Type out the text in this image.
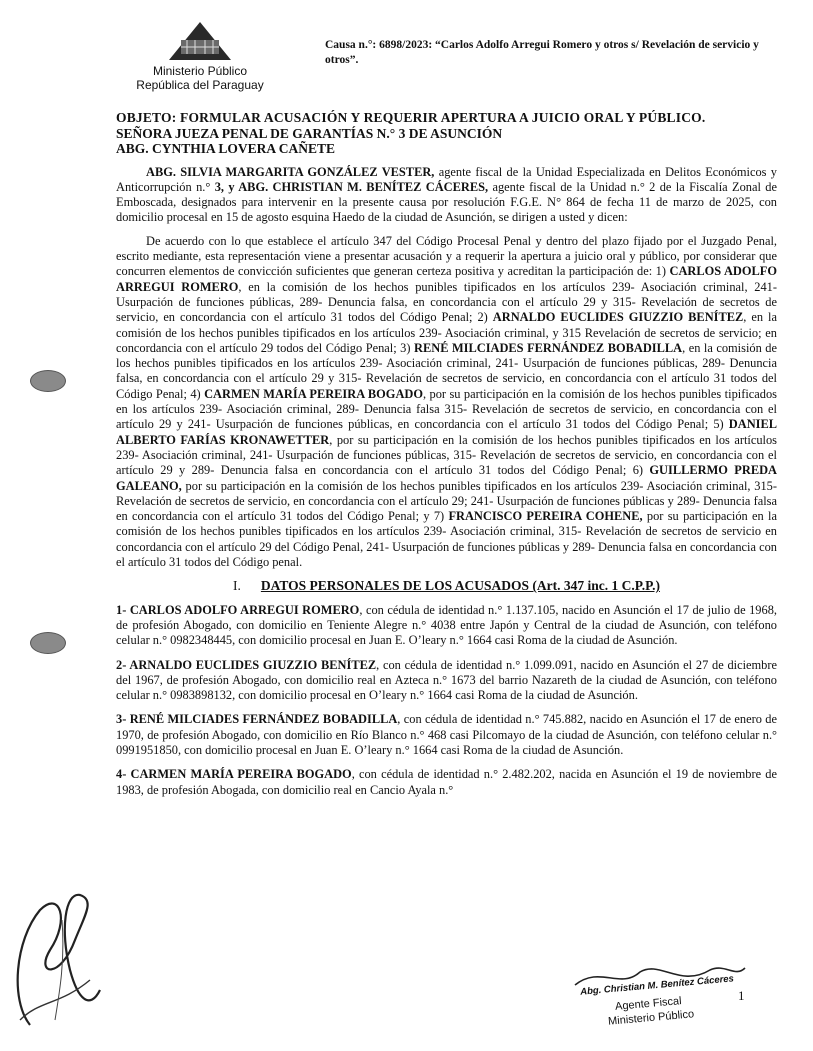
Ministerio Público
República del Paraguay
Causa n.°: 6898/2023: “Carlos Adolfo Arregui Romero y otros s/ Revelación de servicio y otros”.

OBJETO: FORMULAR ACUSACIÓN Y REQUERIR APERTURA A JUICIO ORAL Y PÚBLICO.

SEÑORA JUEZA PENAL DE GARANTÍAS N.° 3 DE ASUNCIÓN

ABG. CYNTHIA LOVERA CAÑETE

ABG. SILVIA MARGARITA GONZÁLEZ VESTER, agente fiscal de la Unidad Especializada en Delitos Económicos y Anticorrupción n.° 3, y ABG. CHRISTIAN M. BENÍTEZ CÁCERES, agente fiscal de la Unidad n.° 2 de la Fiscalía Zonal de Emboscada, designados para intervenir en la presente causa por resolución F.G.E. N° 864 de fecha 11 de marzo de 2025, con domicilio procesal en 15 de agosto esquina Haedo de la ciudad de Asunción, se dirigen a usted y dicen:

De acuerdo con lo que establece el artículo 347 del Código Procesal Penal y dentro del plazo fijado por el Juzgado Penal, escrito mediante, esta representación viene a presentar acusación y a requerir la apertura a juicio oral y público, por considerar que concurren elementos de convicción suficientes que generan certeza positiva y acreditan la participación de: 1) CARLOS ADOLFO ARREGUI ROMERO, en la comisión de los hechos punibles tipificados en los artículos 239- Asociación criminal, 241- Usurpación de funciones públicas, 289- Denuncia falsa, en concordancia con el artículo 29 y 315- Revelación de secretos de servicio, en concordancia con el artículo 31 todos del Código Penal; 2) ARNALDO EUCLIDES GIUZZIO BENÍTEZ, en la comisión de los hechos punibles tipificados en los artículos 239- Asociación criminal, y 315 Revelación de secretos de servicio; en concordancia con el artículo 29 todos del Código Penal; 3) RENÉ MILCIADES FERNÁNDEZ BOBADILLA, en la comisión de los hechos punibles tipificados en los artículos 239- Asociación criminal, 241- Usurpación de funciones públicas, 289- Denuncia falsa, en concordancia con el artículo 29 y 315- Revelación de secretos de servicio, en concordancia con el artículo 31 todos del Código Penal; 4) CARMEN MARÍA PEREIRA BOGADO, por su participación en la comisión de los hechos punibles tipificados en los artículos 239- Asociación criminal, 289- Denuncia falsa 315- Revelación de secretos de servicio, en concordancia con el artículo 29 y 241- Usurpación de funciones públicas, en concordancia con el artículo 31 todos del Código Penal; 5) DANIEL ALBERTO FARÍAS KRONAWETTER, por su participación en la comisión de los hechos punibles tipificados en los artículos 239- Asociación criminal, 241- Usurpación de funciones públicas, 315- Revelación de secretos de servicio, en concordancia con el artículo 29 y 289- Denuncia falsa en concordancia con el artículo 31 todos del Código Penal; 6) GUILLERMO PREDA GALEANO, por su participación en la comisión de los hechos punibles tipificados en los artículos 239- Asociación criminal, 315- Revelación de secretos de servicio, en concordancia con el artículo 29; 241- Usurpación de funciones públicas y 289- Denuncia falsa en concordancia con el artículo 31 todos del Código Penal; y 7) FRANCISCO PEREIRA COHENE, por su participación en la comisión de los hechos punibles tipificados en los artículos 239- Asociación criminal, 315- Revelación de secretos de servicio en concordancia con el artículo 29 del Código Penal, 241- Usurpación de funciones públicas y 289- Denuncia falsa en concordancia con el artículo 31 todos del Código penal.

I. DATOS PERSONALES DE LOS ACUSADOS (Art. 347 inc. 1 C.P.P.)

1- CARLOS ADOLFO ARREGUI ROMERO, con cédula de identidad n.° 1.137.105, nacido en Asunción el 17 de julio de 1968, de profesión Abogado, con domicilio en Teniente Alegre n.° 4038 entre Japón y Central de la ciudad de Asunción, con teléfono celular n.° 0982348445, con domicilio procesal en Juan E. O’leary n.° 1664 casi Roma de la ciudad de Asunción.

2- ARNALDO EUCLIDES GIUZZIO BENÍTEZ, con cédula de identidad n.° 1.099.091, nacido en Asunción el 27 de diciembre del 1967, de profesión Abogado, con domicilio real en Azteca n.° 1673 del barrio Nazareth de la ciudad de Asunción, con teléfono celular n.° 0983898132, con domicilio procesal en O’leary n.° 1664 casi Roma de la ciudad de Asunción.

3- RENÉ MILCIADES FERNÁNDEZ BOBADILLA, con cédula de identidad n.° 745.882, nacido en Asunción el 17 de enero de 1970, de profesión Abogado, con domicilio en Río Blanco n.° 468 casi Pilcomayo de la ciudad de Asunción, con teléfono celular n.° 0991951850, con domicilio procesal en Juan E. O’leary n.° 1664 casi Roma de la ciudad de Asunción.

4- CARMEN MARÍA PEREIRA BOGADO, con cédula de identidad n.° 2.482.202, nacida en Asunción el 19 de noviembre de 1983, de profesión Abogada, con domicilio real en Cancio Ayala n.°

Abg. Christian M. Benítez Cáceres
Agente Fiscal
Ministerio Público
1
